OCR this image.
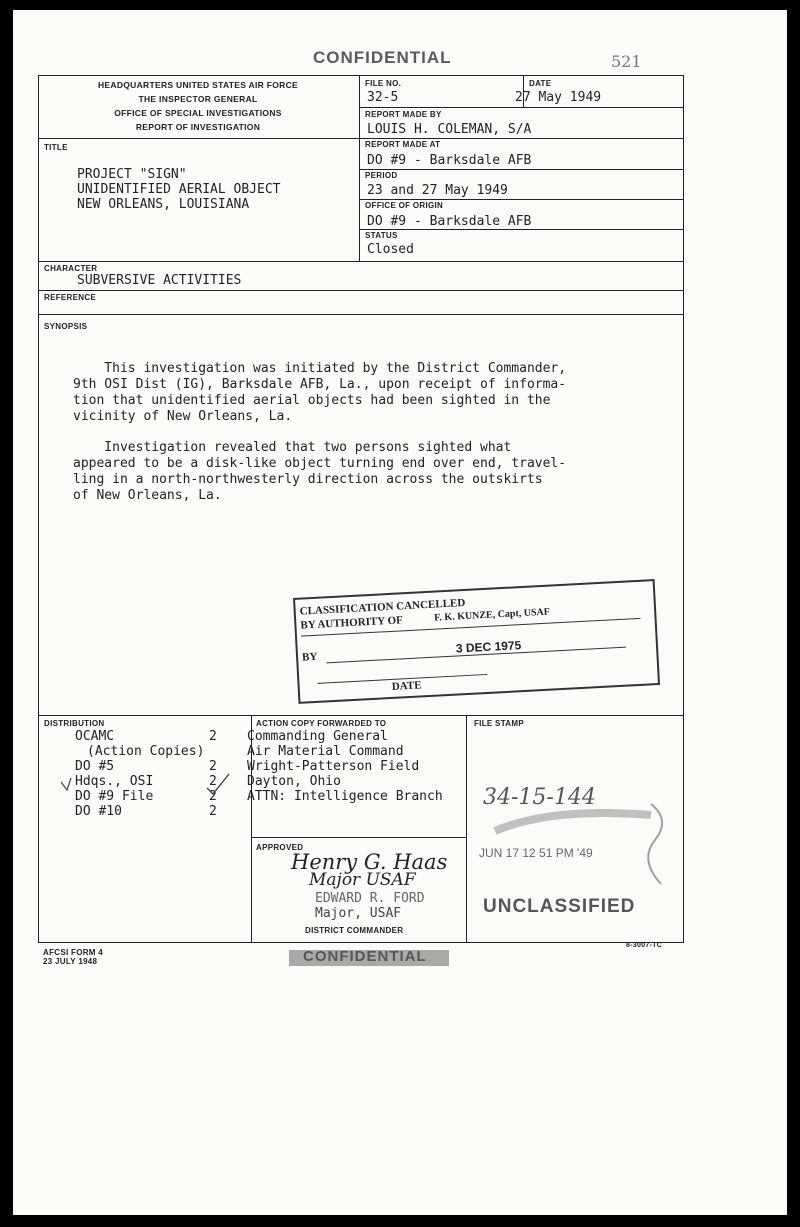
CONFIDENTIAL	521
HEADQUARTERS UNITED STATES AIR FORCE
THE INSPECTOR GENERAL
OFFICE OF SPECIAL INVESTIGATIONS
REPORT OF INVESTIGATION
FILE NO.
32-5
DATE
27 May 1949
REPORT MADE BY
LOUIS H. COLEMAN, S/A
TITLE
PROJECT "SIGN"
UNIDENTIFIED AERIAL OBJECT
NEW ORLEANS, LOUISIANA
REPORT MADE AT
DO #9 - Barksdale AFB
PERIOD
23 and 27 May 1949
OFFICE OF ORIGIN
DO #9 - Barksdale AFB
STATUS
Closed
CHARACTER
SUBVERSIVE ACTIVITIES
REFERENCE
SYNOPSIS
This investigation was initiated by the District Commander,
9th OSI Dist (IG), Barksdale AFB, La., upon receipt of informa-
tion that unidentified aerial objects had been sighted in the
vicinity of New Orleans, La.
Investigation revealed that two persons sighted what
appeared to be a disk-like object turning end over end, travel-
ling in a north-northwesterly direction across the outskirts
of New Orleans, La.
CLASSIFICATION CANCELLED
BY AUTHORITY OF	F. K. KUNZE, Capt, USAF
BY
3 DEC 1975
DATE
DISTRIBUTION
OCAMC	2
(Action Copies)
DO #5	2
Hdqs., OSI	2
DO #9 File	2
DO #10	2
ACTION COPY FORWARDED TO
Commanding General
Air Material Command
Wright-Patterson Field
Dayton, Ohio
ATTN: Intelligence Branch
APPROVED
Henry G. Haas
Major USAF
EDWARD R. FORD
Major, USAF
DISTRICT COMMANDER
FILE STAMP
34-15-144
JUN 17 12 51 PM '49
UNCLASSIFIED
AFCSI FORM 4
23 JULY 1948
8-3007-TC
CONFIDENTIAL
